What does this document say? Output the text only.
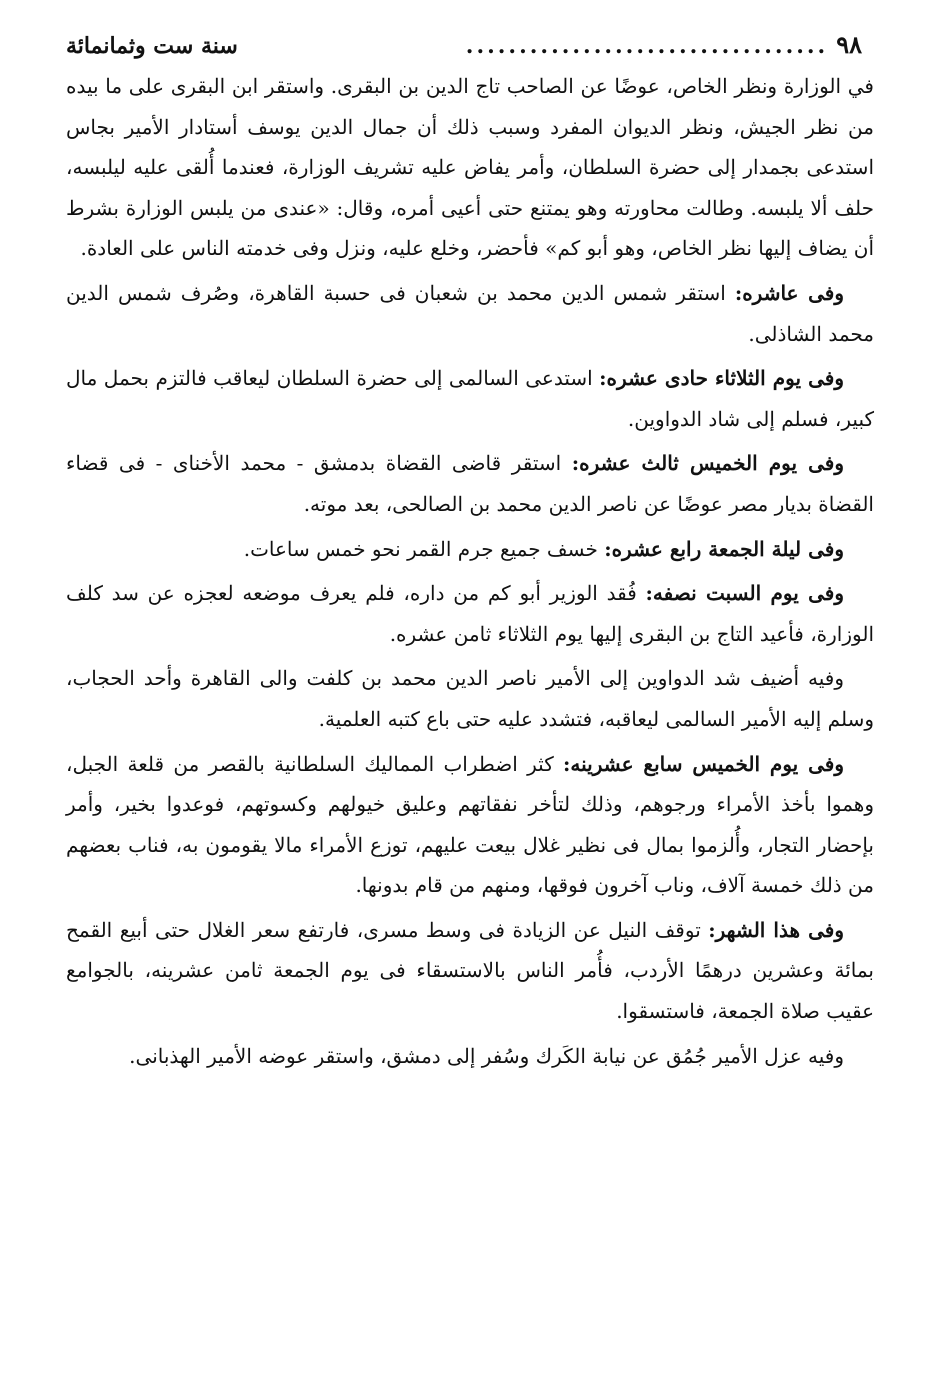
٩٨
..................................
سنة ست وثمانمائة

في الوزارة ونظر الخاص، عوضًا عن الصاحب تاج الدين بن البقرى. واستقر ابن البقرى على ما بيده من نظر الجيش، ونظر الديوان المفرد وسبب ذلك أن جمال الدين يوسف أستادار الأمير بجاس استدعى بجمدار إلى حضرة السلطان، وأمر يفاض عليه تشريف الوزارة، فعندما أُلقى عليه ليلبسه، حلف ألا يلبسه. وطالت محاورته وهو يمتنع حتى أعيى أمره، وقال: «عندى من يلبس الوزارة بشرط أن يضاف إليها نظر الخاص، وهو أبو كم» فأحضر، وخلع عليه، ونزل وفى خدمته الناس على العادة.

وفى عاشره: استقر شمس الدين محمد بن شعبان فى حسبة القاهرة، وصُرف شمس الدين محمد الشاذلى.

وفى يوم الثلاثاء حادى عشره: استدعى السالمى إلى حضرة السلطان ليعاقب فالتزم بحمل مال كبير، فسلم إلى شاد الدواوين.

وفى يوم الخميس ثالث عشره: استقر قاضى القضاة بدمشق - محمد الأخناى - فى قضاء القضاة بديار مصر عوضًا عن ناصر الدين محمد بن الصالحى، بعد موته.

وفى ليلة الجمعة رابع عشره: خسف جميع جرم القمر نحو خمس ساعات.

وفى يوم السبت نصفه: فُقد الوزير أبو كم من داره، فلم يعرف موضعه لعجزه عن سد كلف الوزارة، فأعيد التاج بن البقرى إليها يوم الثلاثاء ثامن عشره.

وفيه أضيف شد الدواوين إلى الأمير ناصر الدين محمد بن كلفت والى القاهرة وأحد الحجاب، وسلم إليه الأمير السالمى ليعاقبه، فتشدد عليه حتى باع كتبه العلمية.

وفى يوم الخميس سابع عشرينه: كثر اضطراب المماليك السلطانية بالقصر من قلعة الجبل، وهموا بأخذ الأمراء ورجوهم، وذلك لتأخر نفقاتهم وعليق خيولهم وكسوتهم، فوعدوا بخير، وأمر بإحضار التجار، وأُلزموا بمال فى نظير غلال بيعت عليهم، توزع الأمراء مالا يقومون به، فناب بعضهم من ذلك خمسة آلاف، وناب آخرون فوقها، ومنهم من قام بدونها.

وفى هذا الشهر: توقف النيل عن الزيادة فى وسط مسرى، فارتفع سعر الغلال حتى أبيع القمح بمائة وعشرين درهمًا الأردب، فأُمر الناس بالاستسقاء فى يوم الجمعة ثامن عشرينه، بالجوامع عقيب صلاة الجمعة، فاستسقوا.

وفيه عزل الأمير جُمُق عن نيابة الكَرك وسُفر إلى دمشق، واستقر عوضه الأمير الهذبانى.
